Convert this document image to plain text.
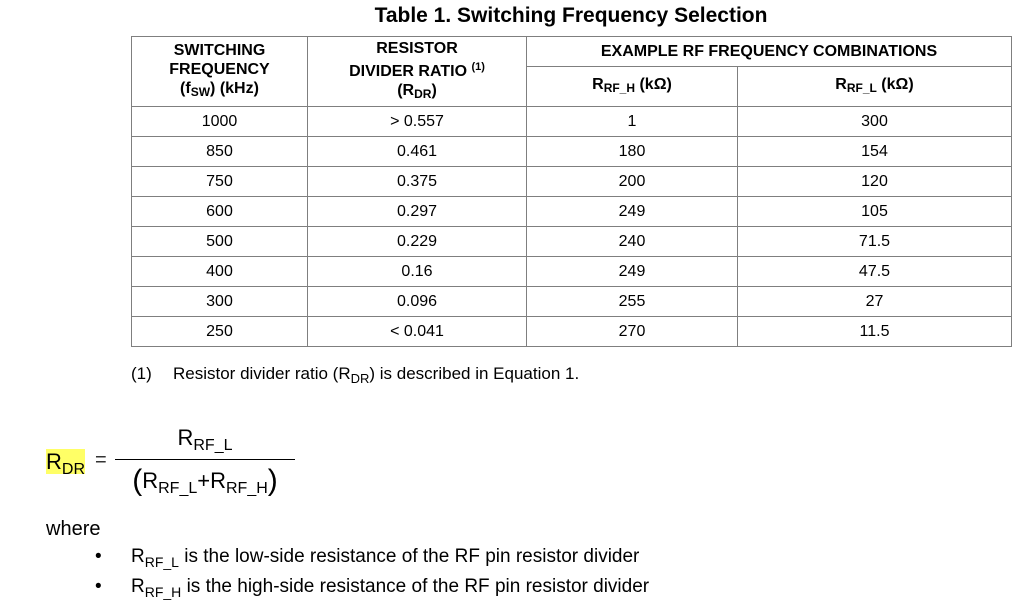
Table 1. Switching Frequency Selection
SWITCHING
FREQUENCY
$(f_{SW})$ (kHz)	RESISTOR
DIVIDER RATIO $^{(1)}$
$(R_{DR})$	EXAMPLE RF FREQUENCY COMBINATIONS	
		$R_{RF\_H}$ (kΩ)	$R_{RF\_L}$ (kΩ)
1000	> 0.557	1	300
850	0.461	180	154
750	0.375	200	120
600	0.297	249	105
500	0.229	240	71.5
400	0.16	249	47.5
300	0.096	255	27
250	< 0.041	270	11.5
(1) Resistor divider ratio $(R_{DR})$ is described in Equation 1.
$R_{DR}$ =
$R_{RF\_L}$
$(R_{RF\_L}+R_{RF\_H})$
where
• $R_{RF\_L}$ is the low-side resistance of the RF pin resistor divider
• $R_{RF\_H}$ is the high-side resistance of the RF pin resistor divider
